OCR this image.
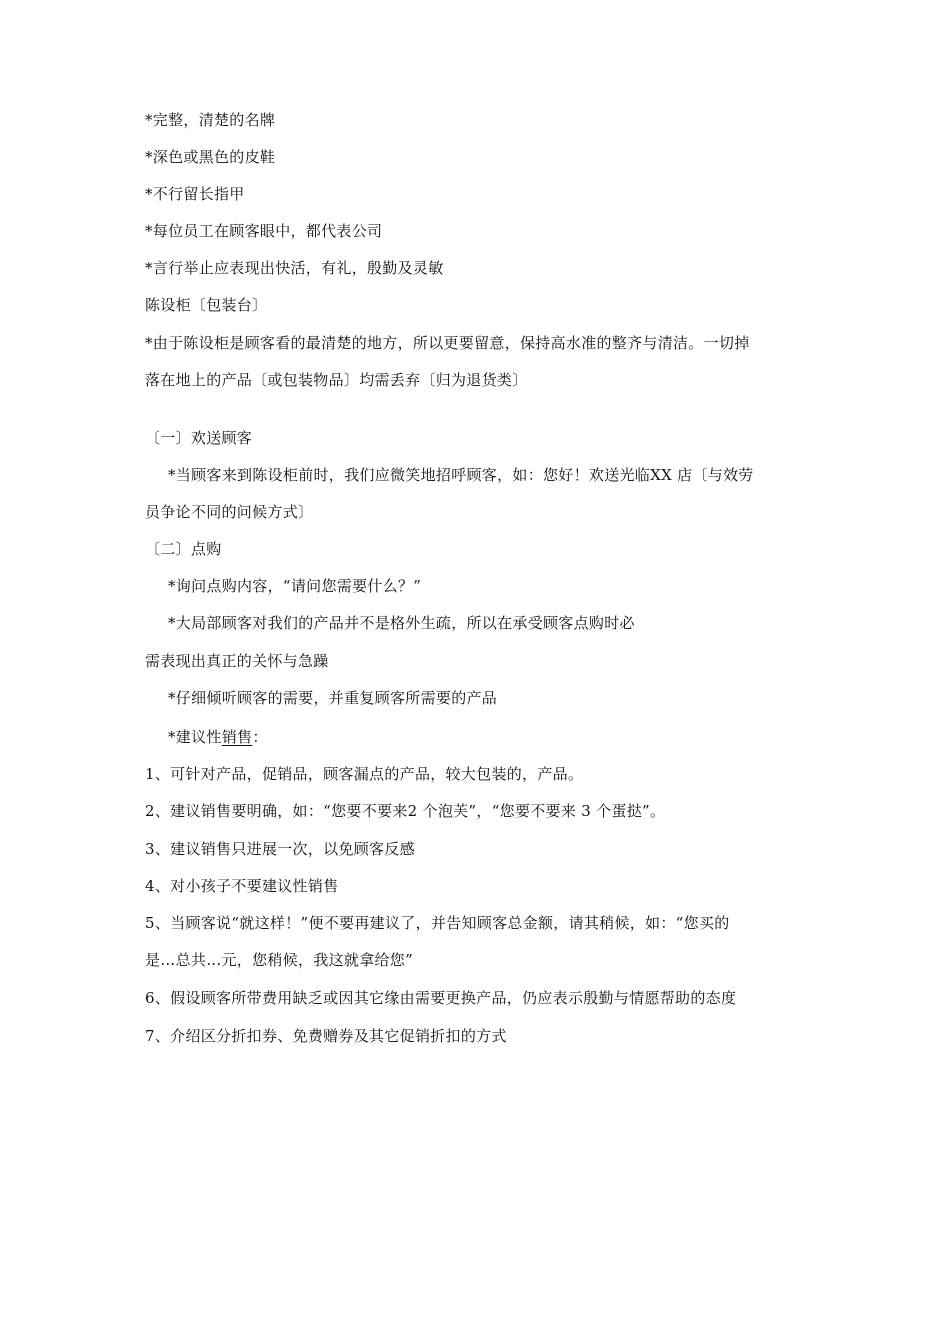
*完整，清楚的名牌
*深色或黑色的皮鞋
*不行留长指甲
*每位员工在顾客眼中，都代表公司
*言行举止应表现出快活，有礼，殷勤及灵敏
陈设柜〔包装台〕
*由于陈设柜是顾客看的最清楚的地方，所以更要留意，保持高水准的整齐与清洁。一切掉
落在地上的产品〔或包装物品〕均需丢弃〔归为退货类〕
〔一〕欢送顾客
*当顾客来到陈设柜前时，我们应微笑地招呼顾客，如：您好！欢送光临XX 店〔与效劳
员争论不同的问候方式〕
〔二〕点购
*询问点购内容，“请问您需要什么？”
*大局部顾客对我们的产品并不是格外生疏，所以在承受顾客点购时必
需表现出真正的关怀与急躁
*仔细倾听顾客的需要，并重复顾客所需要的产品
*建议性销售：
1、可针对产品，促销品，顾客漏点的产品，较大包装的，产品。
2、建议销售要明确，如：“您要不要来2 个泡芙”，“您要不要来 3 个蛋挞”。
3、建议销售只进展一次，以免顾客反感
4、对小孩子不要建议性销售
5、当顾客说“就这样！”便不要再建议了，并告知顾客总金额，请其稍候，如：“您买的
是…总共…元，您稍候，我这就拿给您”
6、假设顾客所带费用缺乏或因其它缘由需要更换产品，仍应表示殷勤与情愿帮助的态度
7、介绍区分折扣券、免费赠券及其它促销折扣的方式
